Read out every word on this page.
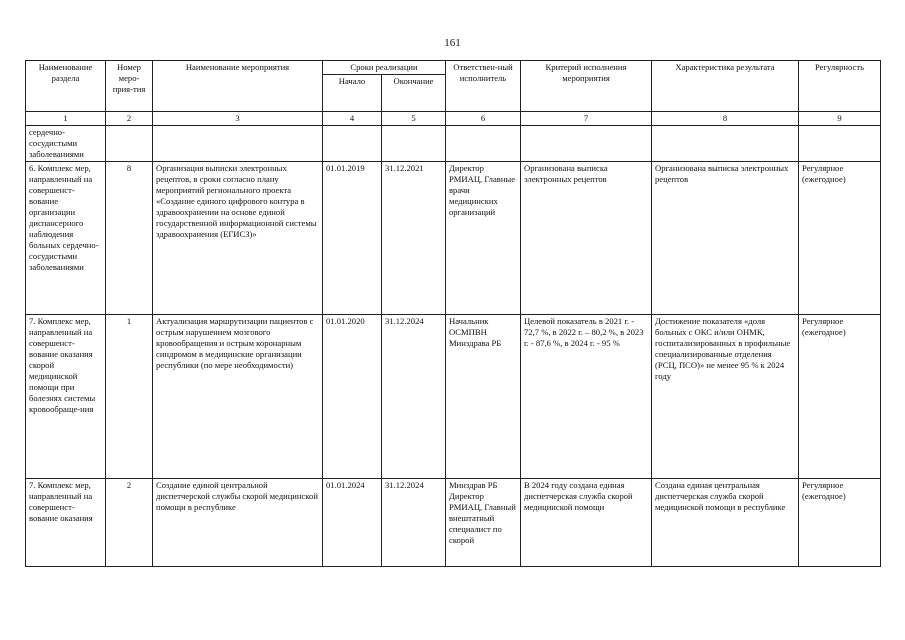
161
Наименование раздела	Номер меро-прия-тия	Наименование мероприятия	Сроки реализации		Ответствен-ный исполнитель	Критерий исполнения мероприятия	Характеристика результата	Регулярность
			Начало	Окончание				
1	2	3	4	5	6	7	8	9
сердечно-сосудистыми заболеваниями								
6. Комплекс мер, направленный на совершенст-вование организации диспансерного наблюдения больных сердечно-сосудистыми заболеваниями	8	Организация выписки электронных рецептов, в сроки согласно плану мероприятий регионального проекта «Создание единого цифрового контура в здравоохранении на основе единой государственной информационной системы здравоохранения (ЕГИСЗ)»	01.01.2019	31.12.2021	Директор РМИАЦ, Главные врачи медицинских организаций	Организована выписка электронных рецептов	Организована выписка электронных рецептов	Регулярное (ежегодное)
7. Комплекс мер, направленный на совершенст-вование оказания скорой медицинской помощи при болезнях системы кровообраще-ния	1	Актуализация маршрутизации пациентов с острым нарушением мозгового кровообращения и острым коронарным синдромом в медицинские организации республики (по мере необходимости)	01.01.2020	31.12.2024	Начальник ОСМПВН Минздрава РБ	Целевой показатель в 2021 г. - 72,7 %, в 2022 г. – 80,2 %, в 2023 г. - 87,6 %, в 2024 г. - 95 %	Достижение показателя «доля больных с ОКС и/или ОНМК, госпитализированных в профильные специализированные отделения (РСЦ, ПСО)» не менее 95 % к 2024 году	Регулярное (ежегодное)
7. Комплекс мер, направленный на совершенст-вование оказания	2	Создание единой центральной диспетчерской службы скорой медицинской помощи в республике	01.01.2024	31.12.2024	Минздрав РБ Директор РМИАЦ, Главный внештатный специалист по скорой	В 2024 году создана единая диспетчерская служба скорой медицинской помощи	Создана единая центральная диспетчерская служба скорой медицинской помощи в республике	Регулярное (ежегодное)
